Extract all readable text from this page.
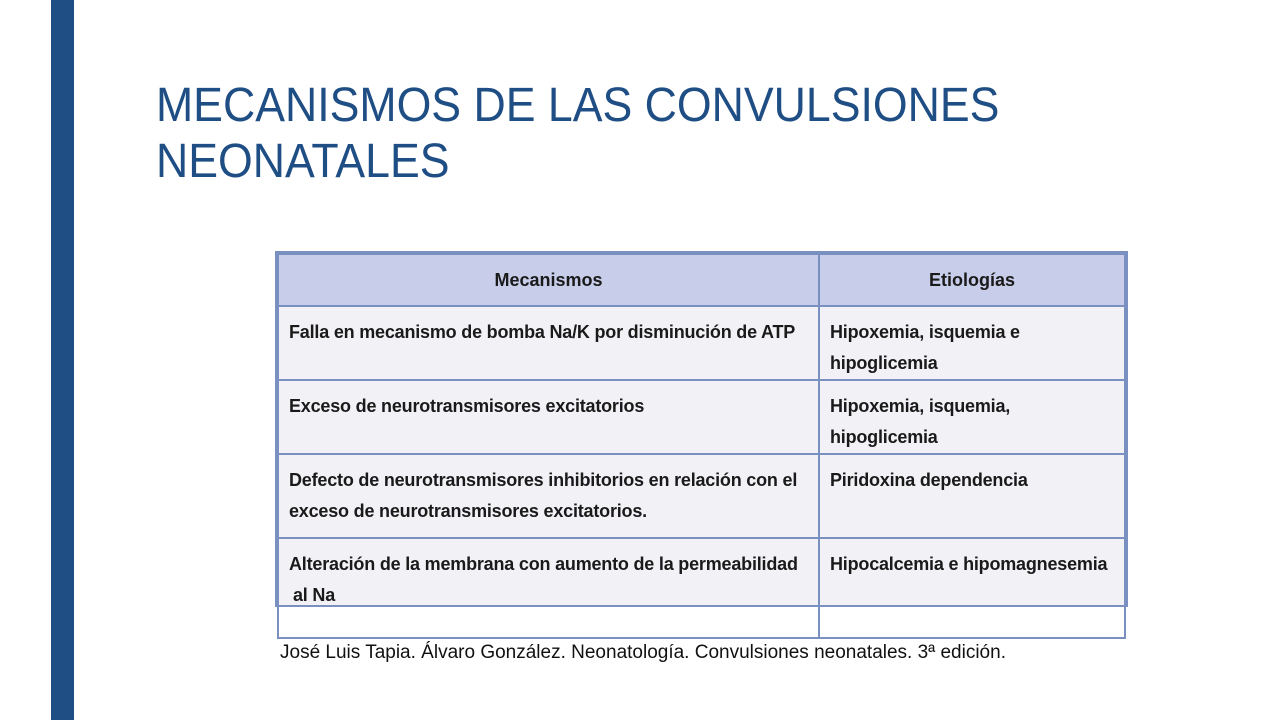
MECANISMOS DE LAS CONVULSIONES
NEONATALES
Mecanismos	Etiologías

Falla en mecanismo de bomba Na/K por disminución de ATP	Hipoxemia, isquemia e hipoglicemia

Exceso de neurotransmisores excitatorios	Hipoxemia, isquemia, hipoglicemia

Defecto de neurotransmisores inhibitorios en relación con el
exceso de neurotransmisores excitatorios.	Piridoxina dependencia

Alteración de la membrana con aumento de la permeabilidad
al Na	Hipocalcemia e hipomagnesemia

José Luis Tapia. Álvaro González. Neonatología. Convulsiones neonatales. 3ª edición.
